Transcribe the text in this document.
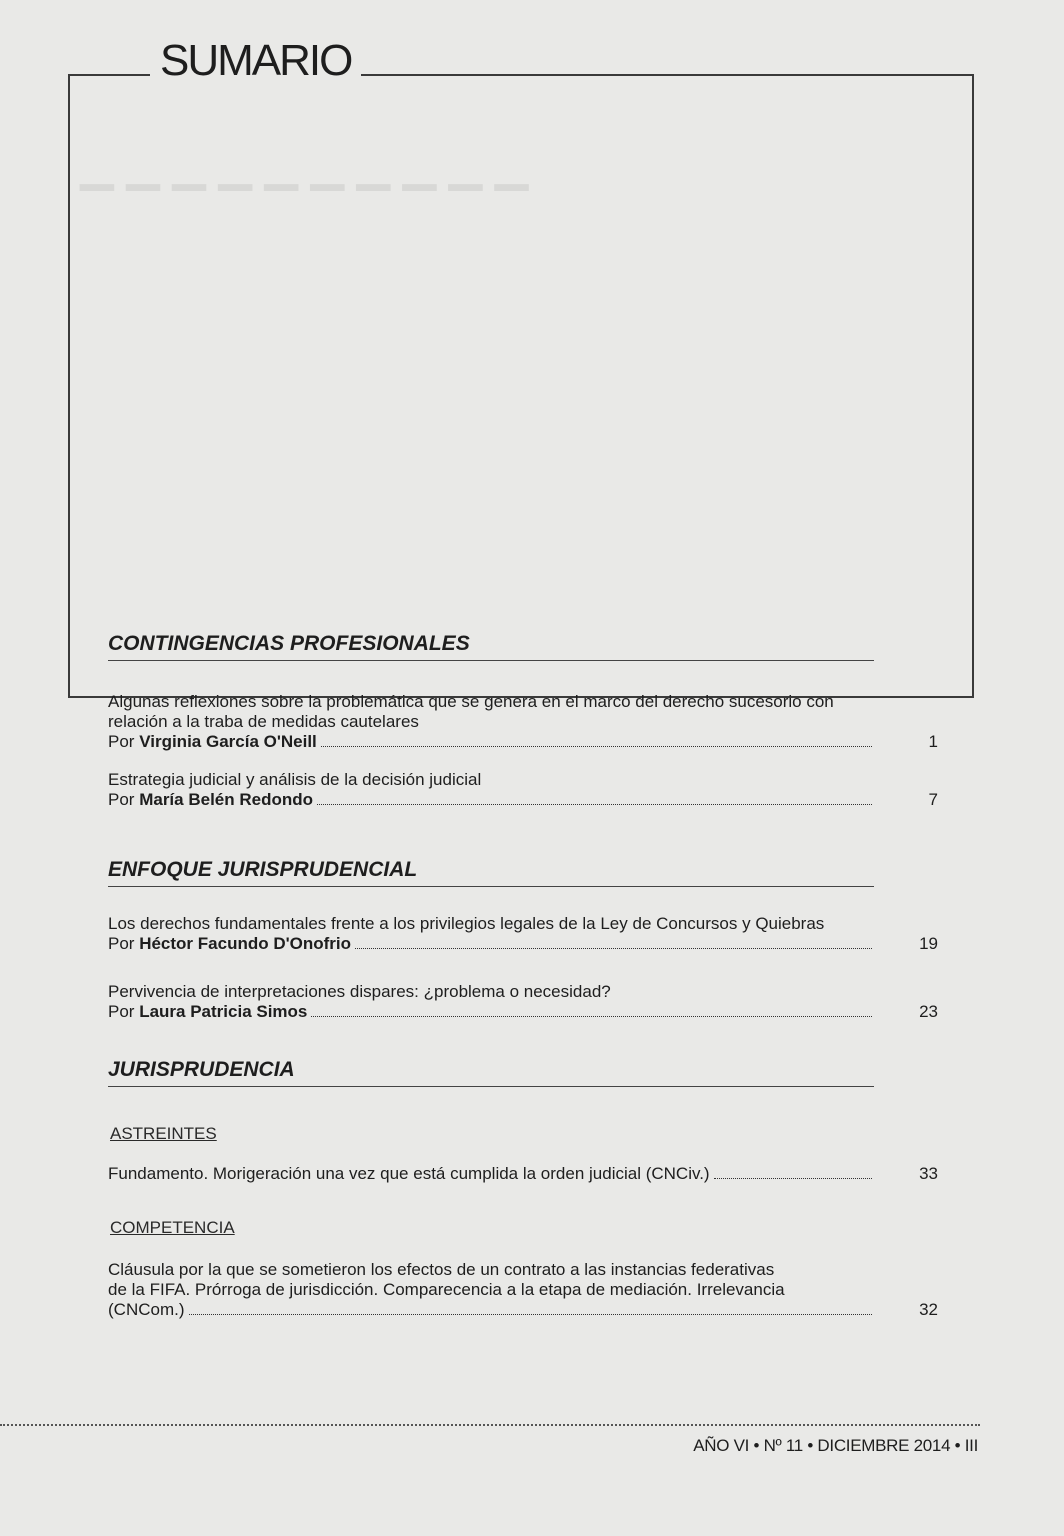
▁ ▁ ▁ ▁ ▁ ▁ ▁ ▁ ▁ ▁
SUMARIO
CONTINGENCIAS PROFESIONALES
Algunas reflexiones sobre la problemática que se genera en el marco del derecho sucesorio con relación a la traba de medidas cautelares
Por
Virginia García O'Neill	1
Estrategia judicial y análisis de la decisión judicial
Por
María Belén Redondo	7
ENFOQUE JURISPRUDENCIAL
Los derechos fundamentales frente a los privilegios legales de la Ley de Concursos y Quiebras
Por
Héctor Facundo D'Onofrio	19
Pervivencia de interpretaciones dispares: ¿problema o necesidad?
Por
Laura Patricia Simos	23
JURISPRUDENCIA
ASTREINTES
Fundamento. Morigeración una vez que está cumplida la orden judicial (CNCiv.)	33
COMPETENCIA
Cláusula por la que se sometieron los efectos de un contrato a las instancias federativas
de la FIFA. Prórroga de jurisdicción. Comparecencia a la etapa de mediación. Irrelevancia
(CNCom.)	32
AÑO VI • Nº 11 • DICIEMBRE 2014 • III
